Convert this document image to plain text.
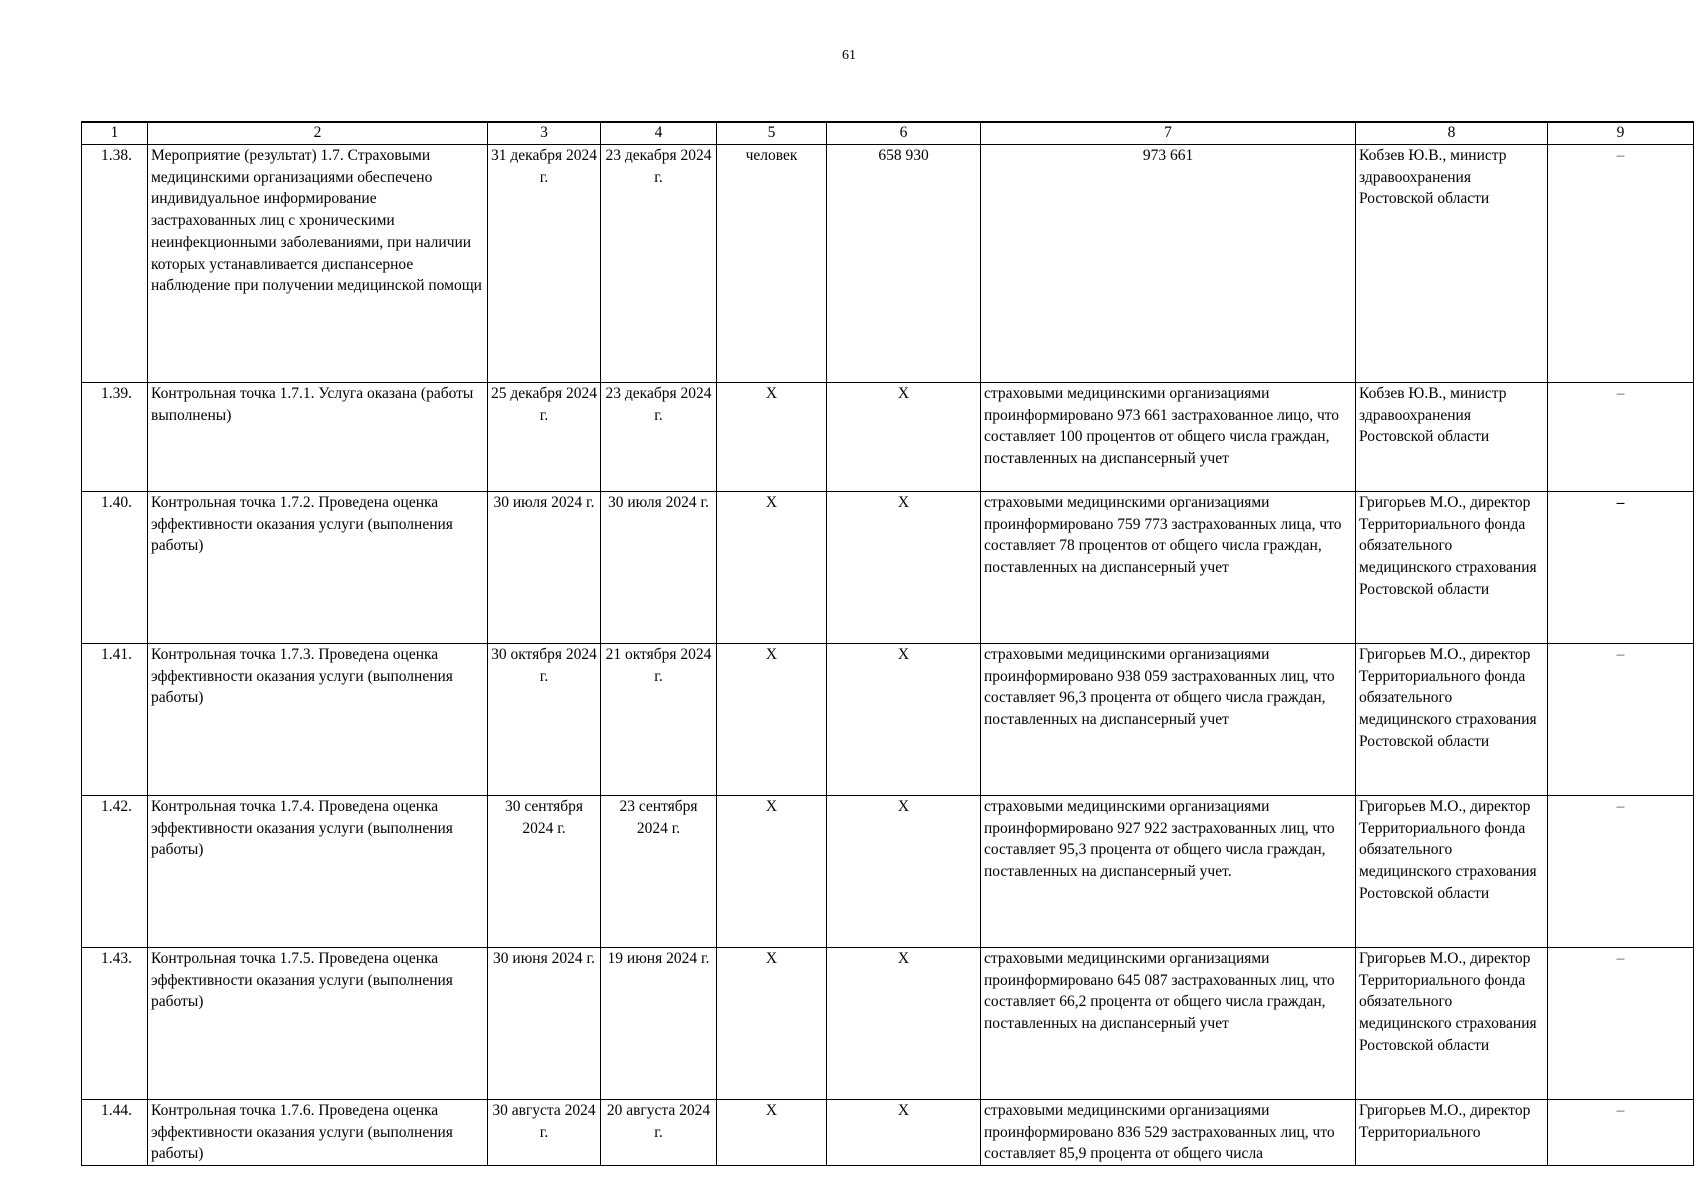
61
1	2	3	4	5	6	7	8	9
1.38.	Мероприятие (результат) 1.7. Страховыми медицинскими организациями обеспечено индивидуальное информирование застрахованных лиц с хроническими неинфекционными заболеваниями, при наличии которых устанавливается диспансерное наблюдение при получении медицинской помощи	31 декабря 2024 г.	23 декабря 2024 г.	человек	658 930	973 661	Кобзев Ю.В., министр здравоохранения Ростовской области	–
1.39.	Контрольная точка 1.7.1. Услуга оказана (работы выполнены)	25 декабря 2024 г.	23 декабря 2024 г.	Х	Х	страховыми медицинскими организациями проинформировано 973 661 застрахованное лицо, что составляет 100 процентов от общего числа граждан, поставленных на диспансерный учет	Кобзев Ю.В., министр здравоохранения Ростовской области	–
1.40.	Контрольная точка 1.7.2. Проведена оценка эффективности оказания услуги (выполнения работы)	30 июля 2024 г.	30 июля 2024 г.	Х	Х	страховыми медицинскими организациями проинформировано 759 773 застрахованных лица, что составляет 78 процентов от общего числа граждан, поставленных на диспансерный учет	Григорьев М.О., директор Территориального фонда обязательного медицинского страхования Ростовской области	–
1.41.	Контрольная точка 1.7.3. Проведена оценка эффективности оказания услуги (выполнения работы)	30 октября 2024 г.	21 октября 2024 г.	Х	Х	страховыми медицинскими организациями проинформировано 938 059 застрахованных лиц, что составляет 96,3 процента от общего числа граждан, поставленных на диспансерный учет	Григорьев М.О., директор Территориального фонда обязательного медицинского страхования Ростовской области	–
1.42.	Контрольная точка 1.7.4. Проведена оценка эффективности оказания услуги (выполнения работы)	30 сентября 2024 г.	23 сентября 2024 г.	Х	Х	страховыми медицинскими организациями проинформировано 927 922 застрахованных лиц, что составляет 95,3 процента от общего числа граждан, поставленных на диспансерный учет.	Григорьев М.О., директор Территориального фонда обязательного медицинского страхования Ростовской области	–
1.43.	Контрольная точка 1.7.5. Проведена оценка эффективности оказания услуги (выполнения работы)	30 июня 2024 г.	19 июня 2024 г.	Х	Х	страховыми медицинскими организациями проинформировано 645 087 застрахованных лиц, что составляет 66,2 процента от общего числа граждан, поставленных на диспансерный учет	Григорьев М.О., директор Территориального фонда обязательного медицинского страхования Ростовской области	–
1.44.	Контрольная точка 1.7.6. Проведена оценка эффективности оказания услуги (выполнения работы)	30 августа 2024 г.	20 августа 2024 г.	Х	Х	страховыми медицинскими организациями проинформировано 836 529 застрахованных лиц, что составляет 85,9 процента от общего числа	Григорьев М.О., директор Территориального	–
